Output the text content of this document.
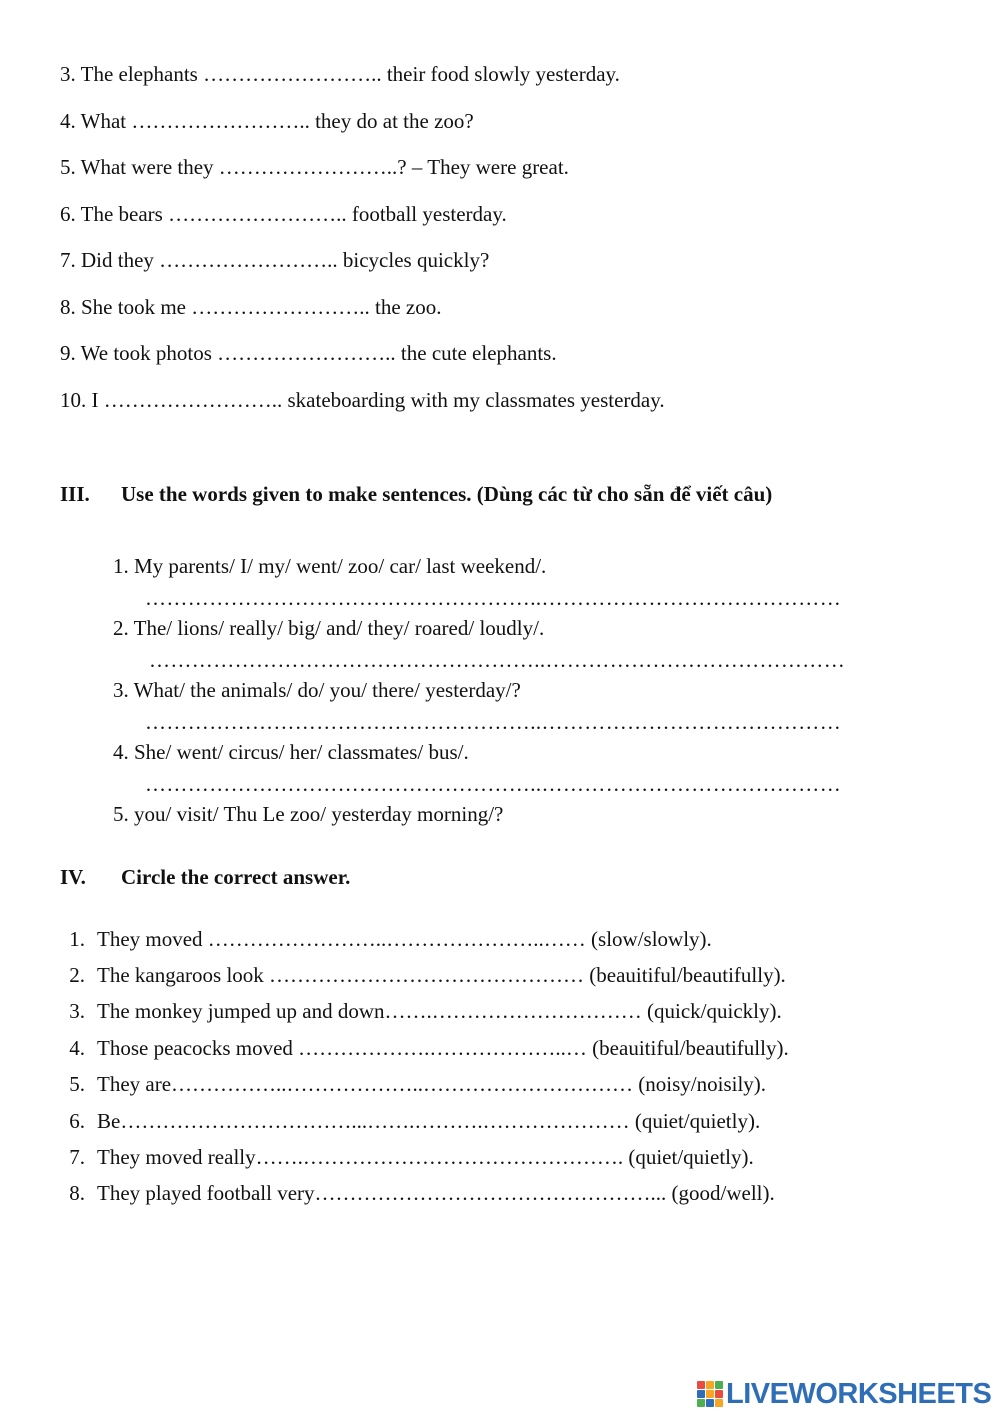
3. The elephants …………………….. their food slowly yesterday.
4. What …………………….. they do at the zoo?
5. What were they ……………………..? – They were great.
6. The bears …………………….. football yesterday.
7. Did they …………………….. bicycles quickly?
8. She took me …………………….. the zoo.
9. We took photos …………………….. the cute elephants.
10. I …………………….. skateboarding with my classmates yesterday.
III. Use the words given to make sentences. (Dùng các từ cho sẵn để viết câu)
1. My parents/ I/ my/ went/ zoo/ car/ last weekend/.
………………………………………………..……………………………………
2. The/ lions/ really/ big/ and/ they/ roared/ loudly/.
………………………………………………..……………………………………
3. What/ the animals/ do/ you/ there/ yesterday/?
………………………………………………..……………………………………
4. She/ went/ circus/ her/ classmates/ bus/.
………………………………………………..……………………………………
5. you/ visit/ Thu Le zoo/ yesterday morning/?
IV. Circle the correct answer.
1. They moved ……………………..…………………..…… (slow/slowly).
2. The kangaroos look ……………………………………… (beauitiful/beautifully).
3. The monkey jumped up and down…….………………………… (quick/quickly).
4. Those peacocks moved ……………….………………..… (beauitiful/beautifully).
5. They are……………..………………..………………………… (noisy/noisily).
6. Be……………………………...…….……….………………… (quiet/quietly).
7. They moved really…….………………………………………. (quiet/quietly).
8. They played football very…………………………………………... (good/well).
LIVEWORKSHEETS
